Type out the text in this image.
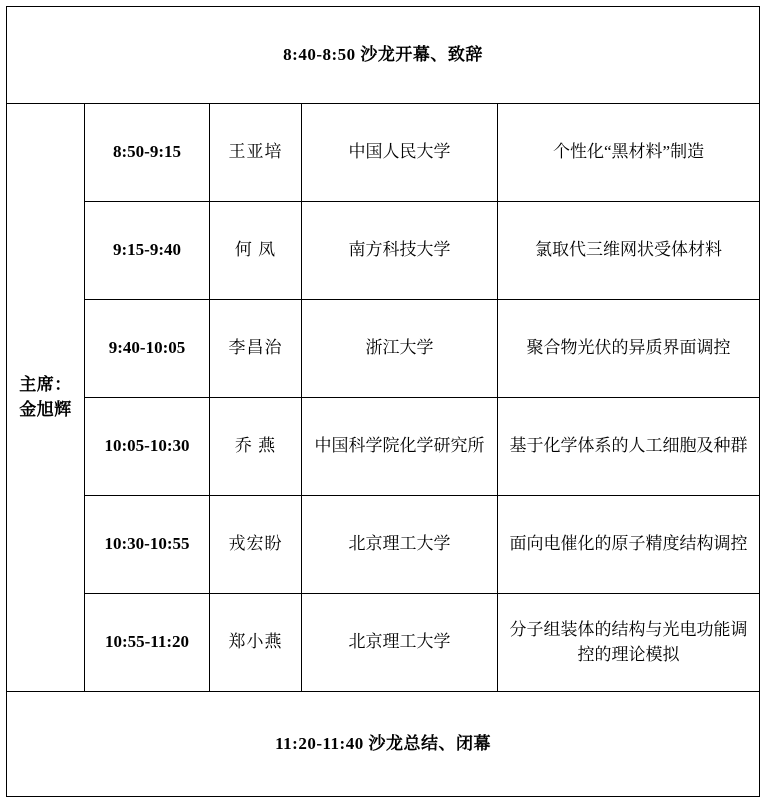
8:40-8:50 沙龙开幕、致辞				

主席：
金旭辉	8:50-9:15	王亚培	中国人民大学	个性化“黑材料”制造
	9:15-9:40	何 凤	南方科技大学	氯取代三维网状受体材料
	9:40-10:05	李昌治	浙江大学	聚合物光伏的异质界面调控
	10:05-10:30	乔 燕	中国科学院化学研究所	基于化学体系的人工细胞及种群
	10:30-10:55	戎宏盼	北京理工大学	面向电催化的原子精度结构调控
	10:55-11:20	郑小燕	北京理工大学	分子组装体的结构与光电功能调控的理论模拟
11:20-11:40 沙龙总结、闭幕				
